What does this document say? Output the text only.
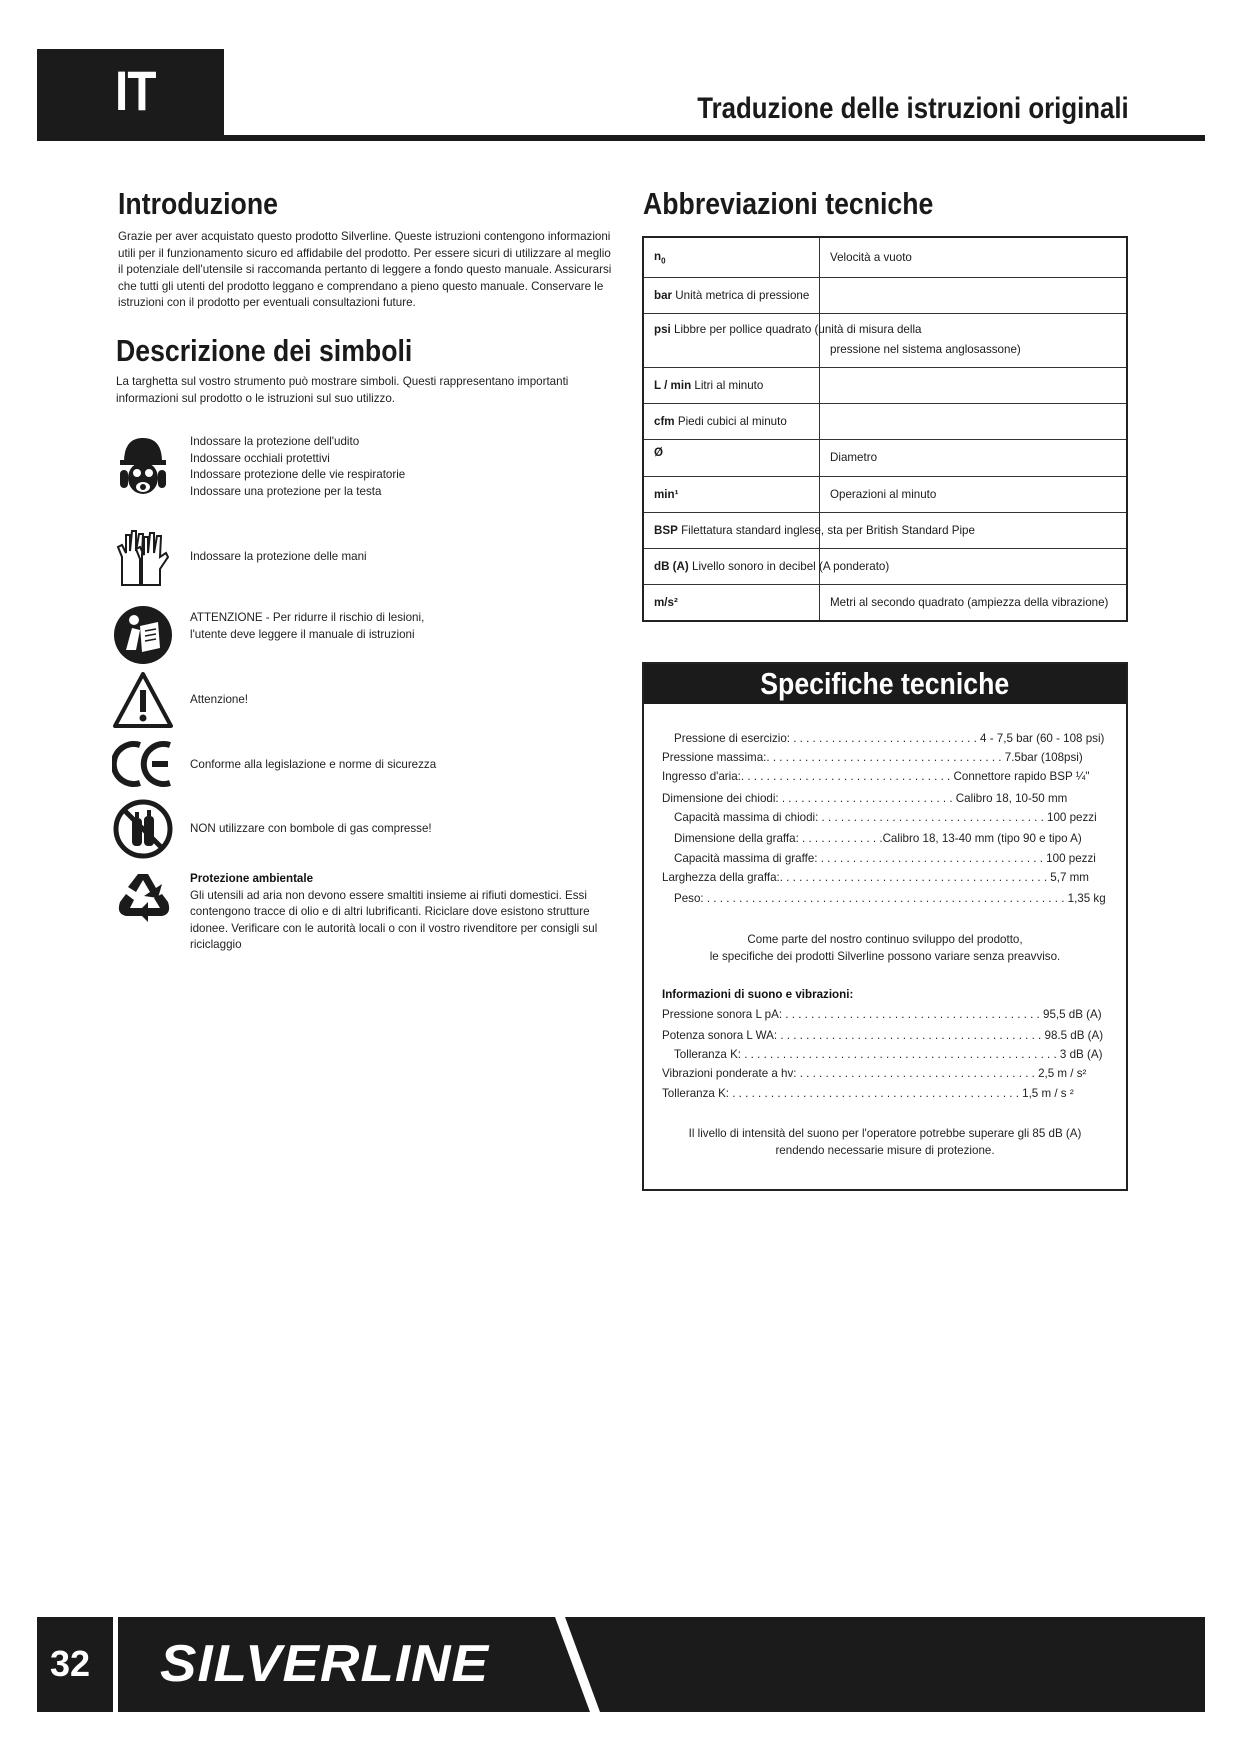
IT	Traduzione delle istruzioni originali
Introduzione
Grazie per aver acquistato questo prodotto Silverline. Queste istruzioni contengono informazioni
utili per il funzionamento sicuro ed affidabile del prodotto. Per essere sicuri di utilizzare al meglio
il potenziale dell'utensile si raccomanda pertanto di leggere a fondo questo manuale. Assicurarsi
che tutti gli utenti del prodotto leggano e comprendano a pieno questo manuale. Conservare le
istruzioni con il prodotto per eventuali consultazioni future.
Descrizione dei simboli
La targhetta sul vostro strumento può mostrare simboli. Questi rappresentano importanti
informazioni sul prodotto o le istruzioni sul suo utilizzo.
Indossare la protezione dell'udito
Indossare occhiali protettivi
Indossare protezione delle vie respiratorie
Indossare una protezione per la testa
Indossare la protezione delle mani
ATTENZIONE - Per ridurre il rischio di lesioni,
l'utente deve leggere il manuale di istruzioni
Attenzione!
Conforme alla legislazione e norme di sicurezza
NON utilizzare con bombole di gas compresse!
Protezione ambientale
Gli utensili ad aria non devono essere smaltiti insieme ai rifiuti domestici. Essi
contengono tracce di olio e di altri lubrificanti. Riciclare dove esistono strutture
idonee. Verificare con le autorità locali o con il vostro rivenditore per consigli sul
riciclaggio
Abbreviazioni tecniche
$n_0$	Velocità a vuoto

bar Unità metrica di pressione	

psi Libbre per pollice quadrato (unità di misura della	pressione nel sistema anglosassone)

L / min Litri al minuto	

cfm Piedi cubici al minuto	

Ø	Diametro
min¹	Operazioni al minuto

BSP Filettatura standard inglese, sta per British Standard Pipe	

dB (A) Livello sonoro in decibel (A ponderato)	

m/s²	Metri al secondo quadrato (ampiezza della vibrazione)
Specifiche tecniche
Pressione di esercizio: . . . . . . . . . . . . . . . . . . . . . . . . . . . . . 4 - 7,5 bar (60 - 108 psi)
Pressione massima:. . . . . . . . . . . . . . . . . . . . . . . . . . . . . . . . . . . . . 7.5bar (108psi)
Ingresso d'aria:. . . . . . . . . . . . . . . . . . . . . . . . . . . . . . . . . Connettore rapido BSP ¼"
Dimensione dei chiodi: . . . . . . . . . . . . . . . . . . . . . . . . . . . Calibro 18, 10-50 mm
Capacità massima di chiodi: . . . . . . . . . . . . . . . . . . . . . . . . . . . . . . . . . . . 100 pezzi
Dimensione della graffa: . . . . . . . . . . . . .Calibro 18, 13-40 mm (tipo 90 e tipo A)
Capacità massima di graffe: . . . . . . . . . . . . . . . . . . . . . . . . . . . . . . . . . . . 100 pezzi
Larghezza della graffa:. . . . . . . . . . . . . . . . . . . . . . . . . . . . . . . . . . . . . . . . . . 5,7 mm
Peso: . . . . . . . . . . . . . . . . . . . . . . . . . . . . . . . . . . . . . . . . . . . . . . . . . . . . . . . . 1,35 kg
Come parte del nostro continuo sviluppo del prodotto,
le specifiche dei prodotti Silverline possono variare senza preavviso.
Informazioni di suono e vibrazioni:
Pressione sonora L pA: . . . . . . . . . . . . . . . . . . . . . . . . . . . . . . . . . . . . . . . . 95,5 dB (A)
Potenza sonora L WA: . . . . . . . . . . . . . . . . . . . . . . . . . . . . . . . . . . . . . . . . . 98.5 dB (A)
Tolleranza K: . . . . . . . . . . . . . . . . . . . . . . . . . . . . . . . . . . . . . . . . . . . . . . . . . 3 dB (A)
Vibrazioni ponderate a hv: . . . . . . . . . . . . . . . . . . . . . . . . . . . . . . . . . . . . . 2,5 m / s²
Tolleranza K: . . . . . . . . . . . . . . . . . . . . . . . . . . . . . . . . . . . . . . . . . . . . . 1,5 m / s ²
Il livello di intensità del suono per l'operatore potrebbe superare gli 85 dB (A)
rendendo necessarie misure di protezione.
32 SILVERLINE
